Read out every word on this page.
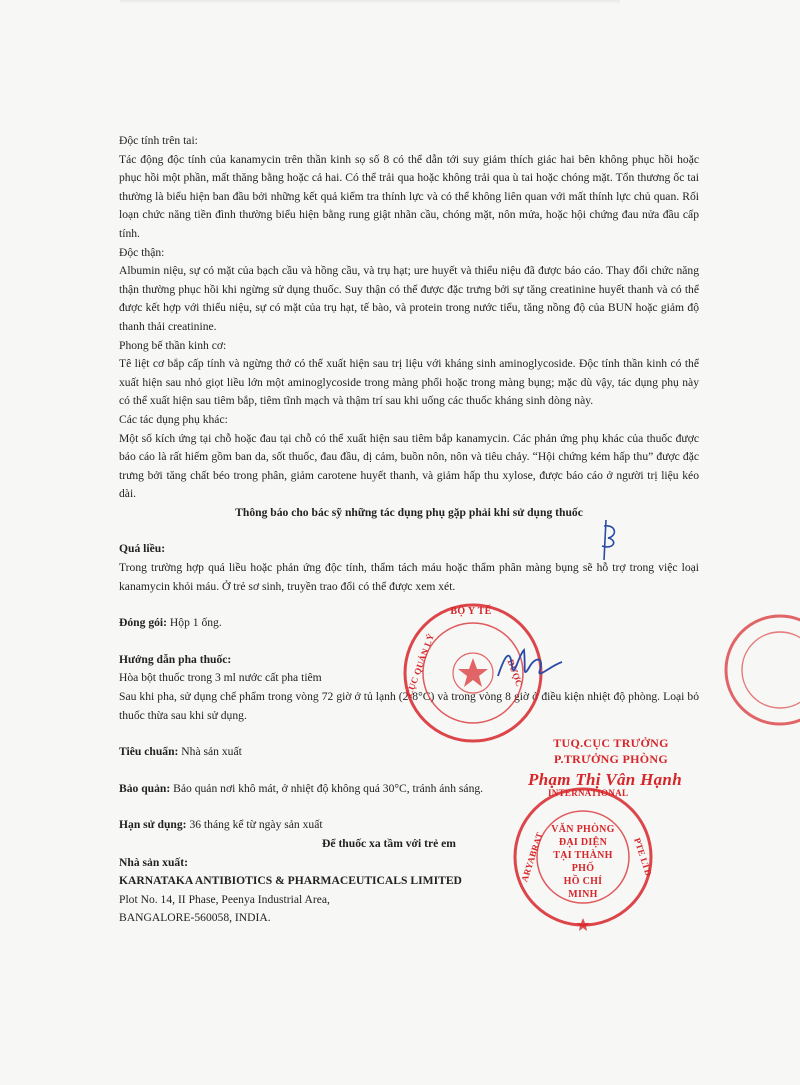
Độc tính trên tai:

Tác động độc tính của kanamycin trên thần kinh sọ số 8 có thể dẫn tới suy giảm thích giác hai bên không phục hồi hoặc phục hồi một phần, mất thăng bằng hoặc cả hai. Có thể trải qua hoặc không trải qua ù tai hoặc chóng mặt. Tổn thương ốc tai thường là biểu hiện ban đầu bởi những kết quả kiểm tra thính lực và có thể không liên quan với mất thính lực chủ quan. Rối loạn chức năng tiền đình thường biểu hiện bằng rung giật nhãn cầu, chóng mặt, nôn mửa, hoặc hội chứng đau nửa đầu cấp tính.

Độc thận:

Albumin niệu, sự có mặt của bạch cầu và hồng cầu, và trụ hạt; ure huyết và thiểu niệu đã được báo cáo. Thay đổi chức năng thận thường phục hồi khi ngừng sử dụng thuốc. Suy thận có thể được đặc trưng bởi sự tăng creatinine huyết thanh và có thể được kết hợp với thiểu niệu, sự có mặt của trụ hạt, tế bào, và protein trong nước tiểu, tăng nồng độ của BUN hoặc giảm độ thanh thải creatinine.

Phong bế thần kinh cơ:

Tê liệt cơ bắp cấp tính và ngừng thở có thể xuất hiện sau trị liệu với kháng sinh aminoglycoside. Độc tính thần kinh có thể xuất hiện sau nhỏ giọt liều lớn một aminoglycoside trong màng phổi hoặc trong màng bụng; mặc dù vậy, tác dụng phụ này có thể xuất hiện sau tiêm bắp, tiêm tĩnh mạch và thậm trí sau khi uống các thuốc kháng sinh dòng này.

Các tác dụng phụ khác:

Một số kích ứng tại chỗ hoặc đau tại chỗ có thể xuất hiện sau tiêm bắp kanamycin. Các phản ứng phụ khác của thuốc được báo cáo là rất hiếm gồm ban da, sốt thuốc, đau đầu, dị cảm, buồn nôn, nôn và tiêu chảy. “Hội chứng kém hấp thu” được đặc trưng bởi tăng chất béo trong phân, giảm carotene huyết thanh, và giảm hấp thu xylose, được báo cáo ở người trị liệu kéo dài.

Thông báo cho bác sỹ những tác dụng phụ gặp phải khi sử dụng thuốc

Quá liều:

Trong trường hợp quá liều hoặc phản ứng độc tính, thẩm tách máu hoặc thẩm phân màng bụng sẽ hỗ trợ trong việc loại kanamycin khỏi máu. Ở trẻ sơ sinh, truyền trao đổi có thể được xem xét.

Đóng gói: Hộp 1 ống.

Hướng dẫn pha thuốc:

Hòa bột thuốc trong 3 ml nước cất pha tiêm

Sau khi pha, sử dụng chế phẩm trong vòng 72 giờ ở tủ lạnh (2-8°C) và trong vòng 8 giờ ở điều kiện nhiệt độ phòng. Loại bỏ thuốc thừa sau khi sử dụng.

Tiêu chuẩn: Nhà sản xuất

Bảo quản: Bảo quản nơi khô mát, ở nhiệt độ không quá 30°C, tránh ánh sáng.

Hạn sử dụng: 36 tháng kể từ ngày sản xuất

Để thuốc xa tầm với trẻ em

Nhà sản xuất:

KARNATAKA ANTIBIOTICS & PHARMACEUTICALS LIMITED

Plot No. 14, II Phase, Peenya Industrial Area,

BANGALORE-560058, INDIA.

BỘ Y TẾ
CỤC QUẢN LÝ	DƯỢC
TUQ.CỤC TRƯỞNG
P.TRƯỞNG PHÒNG
Phạm Thị Vân Hạnh
INTERNATIONAL
ARYABRAT	PTE LTD
VĂN PHÒNG
ĐẠI DIỆN
TẠI THÀNH PHỐ
HỒ CHÍ MINH
